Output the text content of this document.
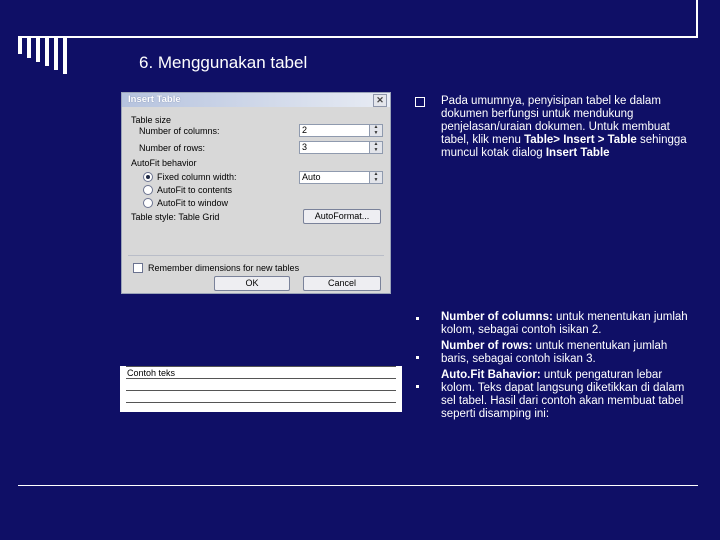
6. Menggunakan tabel
Insert Table	✕
Table size
Number of columns:	2	▲
▼
Number of rows:	3	▲
▼
AutoFit behavior
Fixed column width:	Auto	▲
▼
AutoFit to contents
AutoFit to window
Table style: Table Grid	AutoFormat...
Remember dimensions for new tables
OK	Cancel
Contoh teks
Pada umumnya, penyisipan tabel ke dalam dokumen berfungsi untuk mendukung penjelasan/uraian dokumen. Untuk membuat tabel, klik menu Table> Insert > Table sehingga muncul kotak dialog Insert Table
Number of columns: untuk menentukan jumlah kolom, sebagai contoh isikan 2.
Number of rows: untuk menentukan jumlah baris, sebagai contoh isikan 3.
Auto.Fit Bahavior: untuk pengaturan lebar kolom. Teks dapat langsung diketikkan di dalam sel tabel. Hasil dari contoh akan membuat tabel seperti disamping ini:
